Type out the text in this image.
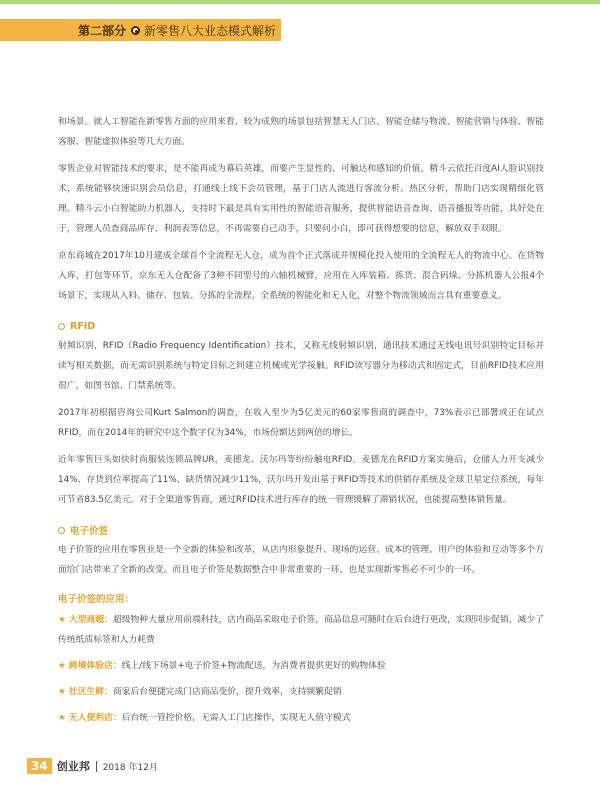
第二部分 新零售八大业态模式解析

和场景。就人工智能在新零售方面的应用来看，较为成熟的场景包括智慧无人门店、智能仓储与物流、智能营销与体验、智能客服、智能虚拟体验等几大方面。

零售企业对智能技术的要求，是不能再成为幕后英雄，而要产生显性的、可触达和感知的价值。精斗云依托百度AI人脸识别技术，系统能够快速识别会员信息，打通线上线下会员管理，基于门店人流进行客流分析、热区分析，帮助门店实现精细化管理。精斗云小白智能助力机器人，支持时下最是具有实用性的智能语音服务，提供智能语音查询、语音播报等功能，其好处在于，管理人员查商品库存、利润表等信息，不再需要自己动手，只要问小白，即可获得想要的信息，解放双手双眼。

京东商城在2017年10月建成全球首个全流程无人仓，成为首个正式落成并规模化投入使用的全流程无人的物流中心。在货物入库，打包等环节，京东无人仓配备了3种不同型号的六轴机械臂，应用在入库装箱、拣货、混合码垛、分拣机器人公报4个场景下，实现从入料、储存、包装、分拣的全流程、全系统的智能化和无人化，对整个物流领域而言具有重要意义。

RFID

射频识别，RFID（Radio Frequency Identification）技术，又称无线射频识别，通讯技术通过无线电讯号识别特定目标并读写相关数据，而无需识别系统与特定目标之间建立机械或光学接触。RFID读写器分为移动式和固定式，目前RFID技术应用很广，如图书馆、门禁系统等。

2017年初根据咨询公司Kurt Salmon的调查，在收入至少为5亿美元的60家零售商的调查中，73%表示已部署或正在试点RFID，而在2014年的研究中这个数字仅为34%，市场份额达到两倍的增长。

近年零售巨头如快时尚服装连锁品牌UR，麦德龙、沃尔玛等纷纷触电RFID。麦德龙在RFID方案实施后，仓储人力开支减少14%、存货到位率提高了11%、缺货情况减少11%，沃尔玛开发出基于RFID等技术的供销存系统及全球卫星定位系统，每年可节省83.5亿美元。对于全渠道零售商，通过RFID技术进行库存的统一管理缓解了滞销状况，也能提高整体销售量。

电子价签

电子价签的应用在零售业是一个全新的体验和改革，从店内形象提升、现场的运营、成本的管理、用户的体验和互动等多个方面给门店带来了全新的改变。而且电子价签是数据整合中非常重要的一环，也是实现新零售必不可少的一环。

电子价签的应用：

★ 大型商超：超级物种大量应用前端科技，店内商品采取电子价签，商品信息可随时在后台进行更改，实现同步促销，减少了传统纸质标签和人力耗费

★ 跨境体验店：线上/线下场景+电子价签+物流配送，为消费者提供更好的购物体验

★ 社区生鲜：商家后台便捷完成门店商品变价，提升效率，支持频繁促销

★ 无人便利店：后台统一管控价格，无需人工门店操作，实现无人值守模式

34 创业邦 2018 年12月
